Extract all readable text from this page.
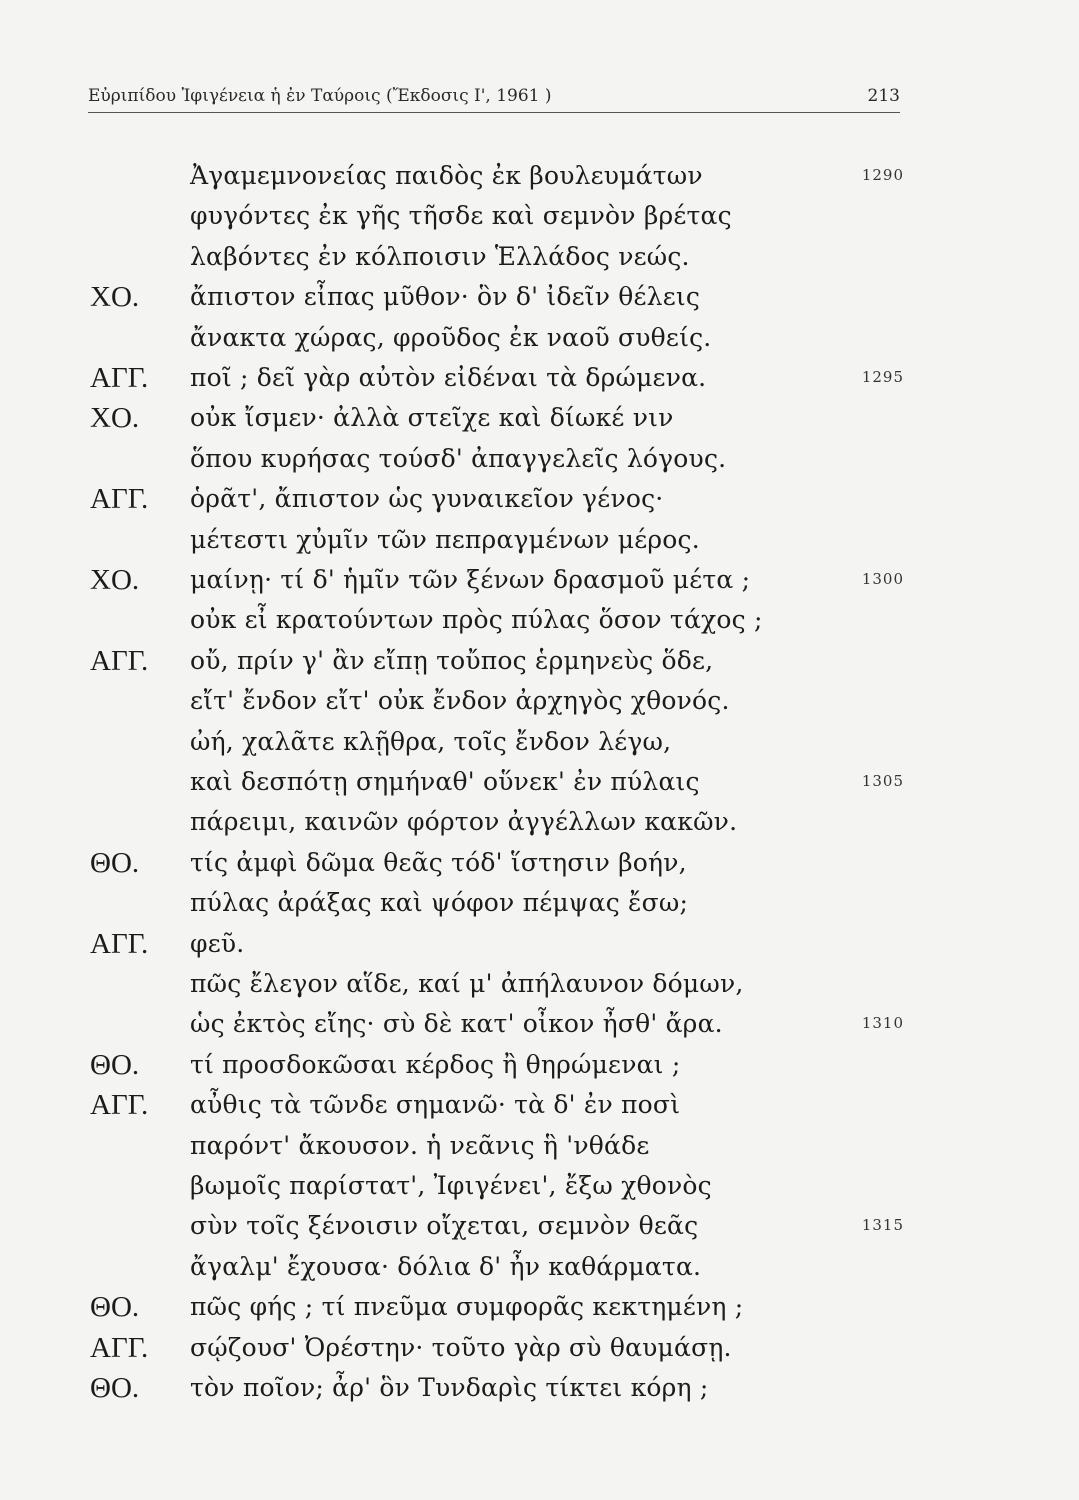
Εὐριπίδου Ἰφιγένεια ἡ ἐν Ταύροις (Ἔκδοσις Ι', 1961 )	213
Ἀγαμεμνονείας παιδὸς ἐκ βουλευμάτων	1290
φυγόντες ἐκ γῆς τῆσδε καὶ σεμνὸν βρέτας
λαβόντες ἐν κόλποισιν Ἑλλάδος νεώς.
ΧΟ. ἄπιστον εἶπας μῦθον· ὃν δ' ἰδεῖν θέλεις
ἄνακτα χώρας, φροῦδος ἐκ ναοῦ συθείς.
ΑΓΓ. ποῖ ; δεῖ γὰρ αὐτὸν εἰδέναι τὰ δρώμενα.	1295
ΧΟ. οὐκ ἴσμεν· ἀλλὰ στεῖχε καὶ δίωκέ νιν
ὅπου κυρήσας τούσδ' ἀπαγγελεῖς λόγους.
ΑΓΓ. ὁρᾶτ', ἄπιστον ὡς γυναικεῖον γένος·
μέτεστι χὐμῖν τῶν πεπραγμένων μέρος.
ΧΟ. μαίνῃ· τί δ' ἡμῖν τῶν ξένων δρασμοῦ μέτα ;	1300
οὐκ εἶ κρατούντων πρὸς πύλας ὅσον τάχος ;
ΑΓΓ. οὔ, πρίν γ' ἂν εἴπῃ τοὔπος ἑρμηνεὺς ὅδε,
εἴτ' ἔνδον εἴτ' οὐκ ἔνδον ἀρχηγὸς χθονός.
ὠή, χαλᾶτε κλῇθρα, τοῖς ἔνδον λέγω,
καὶ δεσπότῃ σημήναθ' οὕνεκ' ἐν πύλαις	1305
πάρειμι, καινῶν φόρτον ἀγγέλλων κακῶν.
ΘΟ. τίς ἀμφὶ δῶμα θεᾶς τόδ' ἵστησιν βοήν,
πύλας ἀράξας καὶ ψόφον πέμψας ἔσω;
ΑΓΓ. φεῦ.
πῶς ἔλεγον αἵδε, καί μ' ἀπήλαυνον δόμων,
ὡς ἐκτὸς εἴης· σὺ δὲ κατ' οἶκον ἦσθ' ἄρα.	1310
ΘΟ. τί προσδοκῶσαι κέρδος ἢ θηρώμεναι ;
ΑΓΓ. αὖθις τὰ τῶνδε σημανῶ· τὰ δ' ἐν ποσὶ
παρόντ' ἄκουσον. ἡ νεᾶνις ἣ 'νθάδε
βωμοῖς παρίστατ', Ἰφιγένει', ἔξω χθονὸς
σὺν τοῖς ξένοισιν οἴχεται, σεμνὸν θεᾶς	1315
ἄγαλμ' ἔχουσα· δόλια δ' ἦν καθάρματα.
ΘΟ. πῶς φής ; τί πνεῦμα συμφορᾶς κεκτημένη ;
ΑΓΓ. σῴζουσ' Ὀρέστην· τοῦτο γὰρ σὺ θαυμάσῃ.
ΘΟ. τὸν ποῖον; ἆρ' ὃν Τυνδαρὶς τίκτει κόρη ;
